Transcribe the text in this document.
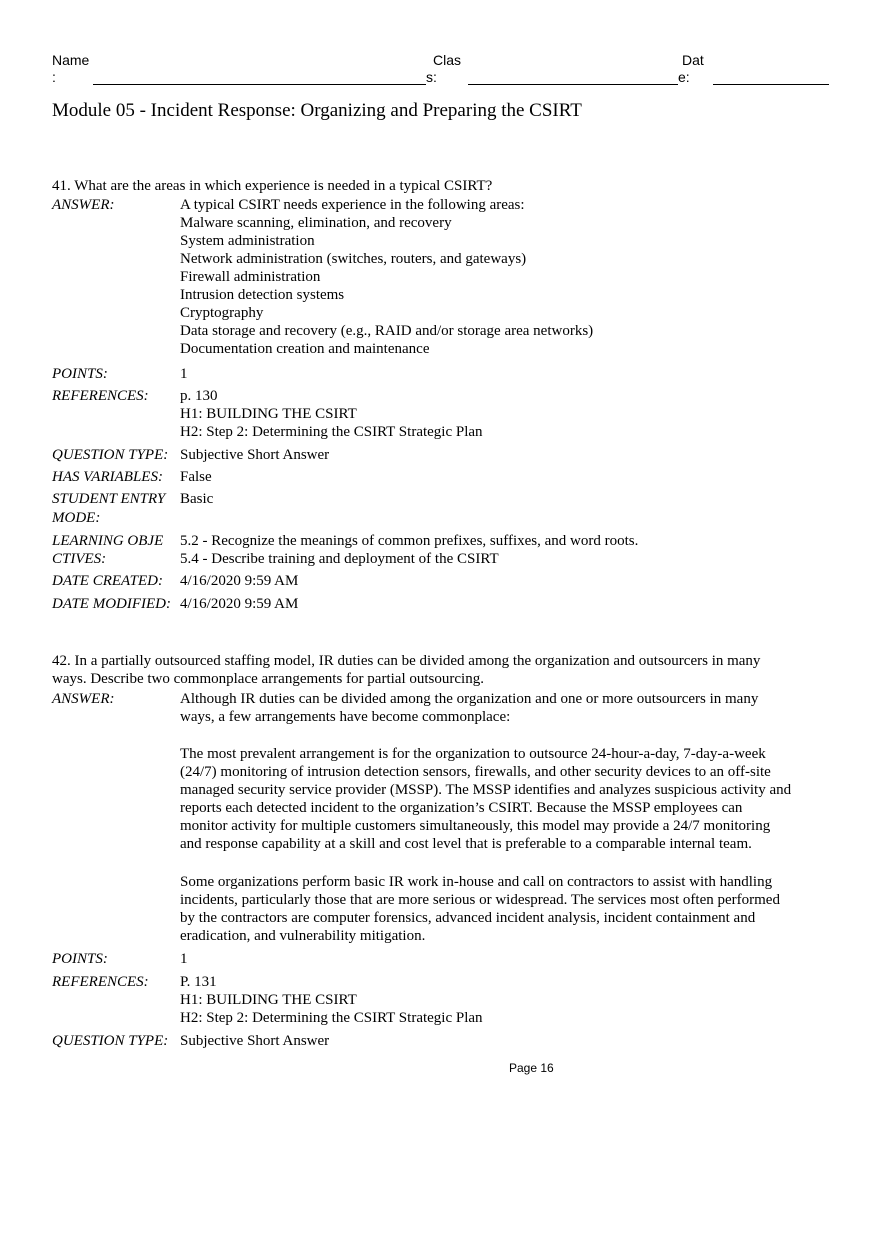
Name
:
Clas
s:
Dat
e:
Module 05 - Incident Response: Organizing and Preparing the CSIRT
41. What are the areas in which experience is needed in a typical CSIRT?
ANSWER:	A typical CSIRT needs experience in the following areas:
Malware scanning, elimination, and recovery
System administration
Network administration (switches, routers, and gateways)
Firewall administration
Intrusion detection systems
Cryptography
Data storage and recovery (e.g., RAID and/or storage area networks)
Documentation creation and maintenance
POINTS:	1
REFERENCES: p. 130
H1: BUILDING THE CSIRT
H2: Step 2: Determining the CSIRT Strategic Plan
QUESTION TYPE: Subjective Short Answer
HAS VARIABLES: False
STUDENT ENTRY
MODE:
Basic
LEARNING OBJE
CTIVES:
5.2 - Recognize the meanings of common prefixes, suffixes, and word roots.
5.4 - Describe training and deployment of the CSIRT
DATE CREATED: 4/16/2020 9:59 AM
DATE MODIFIED: 4/16/2020 9:59 AM
42. In a partially outsourced staffing model, IR duties can be divided among the organization and outsourcers in many
ways. Describe two commonplace arrangements for partial outsourcing.
ANSWER:	Although IR duties can be divided among the organization and one or more outsourcers in many
ways, a few arrangements have become commonplace:
The most prevalent arrangement is for the organization to outsource 24-hour-a-day, 7-day-a-week
(24/7) monitoring of intrusion detection sensors, firewalls, and other security devices to an off-site
managed security service provider (MSSP). The MSSP identifies and analyzes suspicious activity and
reports each detected incident to the organization’s CSIRT. Because the MSSP employees can
monitor activity for multiple customers simultaneously, this model may provide a 24/7 monitoring
and response capability at a skill and cost level that is preferable to a comparable internal team.
Some organizations perform basic IR work in-house and call on contractors to assist with handling
incidents, particularly those that are more serious or widespread. The services most often performed
by the contractors are computer forensics, advanced incident analysis, incident containment and
eradication, and vulnerability mitigation.
POINTS:	1
REFERENCES: P. 131
H1: BUILDING THE CSIRT
H2: Step 2: Determining the CSIRT Strategic Plan
QUESTION TYPE: Subjective Short Answer
Page 16
